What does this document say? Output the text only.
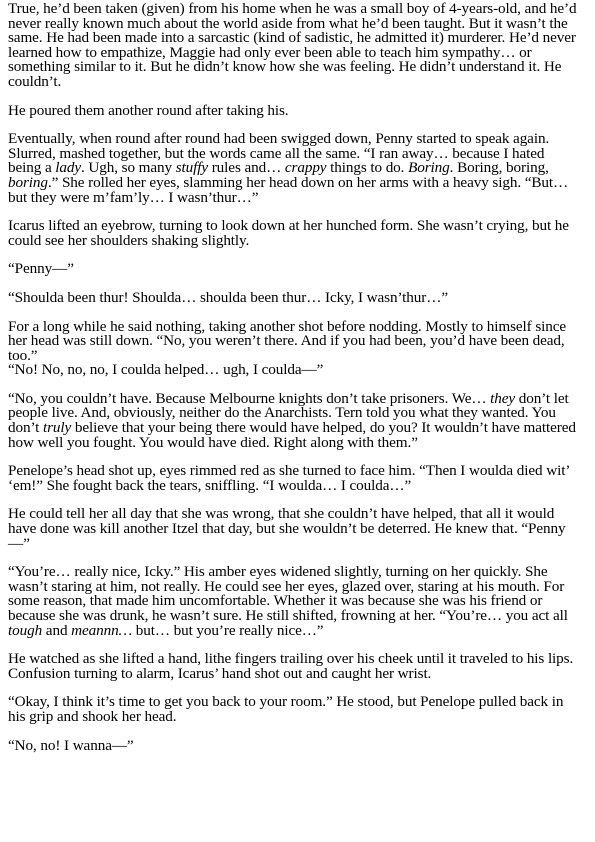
True, he’d been taken (given) from his home when he was a small boy of 4-years-old, and he’d never really known much about the world aside from what he’d been taught. But it wasn’t the same. He had been made into a sarcastic (kind of sadistic, he admitted it) murderer. He’d never learned how to empathize, Maggie had only ever been able to teach him sympathy… or something similar to it. But he didn’t know how she was feeling. He didn’t understand it. He couldn’t.

He poured them another round after taking his.

Eventually, when round after round had been swigged down, Penny started to speak again. Slurred, mashed together, but the words came all the same. “I ran away… because I hated being a lady. Ugh, so many stuffy rules and… crappy things to do. Boring. Boring, boring, boring.” She rolled her eyes, slamming her head down on her arms with a heavy sigh. “But… but they were m’fam’ly… I wasn’thur…”

Icarus lifted an eyebrow, turning to look down at her hunched form. She wasn’t crying, but he could see her shoulders shaking slightly.

“Penny—”

“Shoulda been thur! Shoulda… shoulda been thur… Icky, I wasn’thur…”

For a long while he said nothing, taking another shot before nodding. Mostly to himself since her head was still down. “No, you weren’t there. And if you had been, you’d have been dead, too.”

“No! No, no, no, I coulda helped… ugh, I coulda—”

“No, you couldn’t have. Because Melbourne knights don’t take prisoners. We… they don’t let people live. And, obviously, neither do the Anarchists. Tern told you what they wanted. You don’t truly believe that your being there would have helped, do you? It wouldn’t have mattered how well you fought. You would have died. Right along with them.”

Penelope’s head shot up, eyes rimmed red as she turned to face him. “Then I woulda died wit’ ‘em!” She fought back the tears, sniffling. “I woulda… I coulda…”

He could tell her all day that she was wrong, that she couldn’t have helped, that all it would have done was kill another Itzel that day, but she wouldn’t be deterred. He knew that. “Penny—”

“You’re… really nice, Icky.” His amber eyes widened slightly, turning on her quickly. She wasn’t staring at him, not really. He could see her eyes, glazed over, staring at his mouth. For some reason, that made him uncomfortable. Whether it was because she was his friend or because she was drunk, he wasn’t sure. He still shifted, frowning at her. “You’re… you act all tough and meannn… but… but you’re really nice…”

He watched as she lifted a hand, lithe fingers trailing over his cheek until it traveled to his lips. Confusion turning to alarm, Icarus’ hand shot out and caught her wrist.

“Okay, I think it’s time to get you back to your room.” He stood, but Penelope pulled back in his grip and shook her head.

“No, no! I wanna—”
